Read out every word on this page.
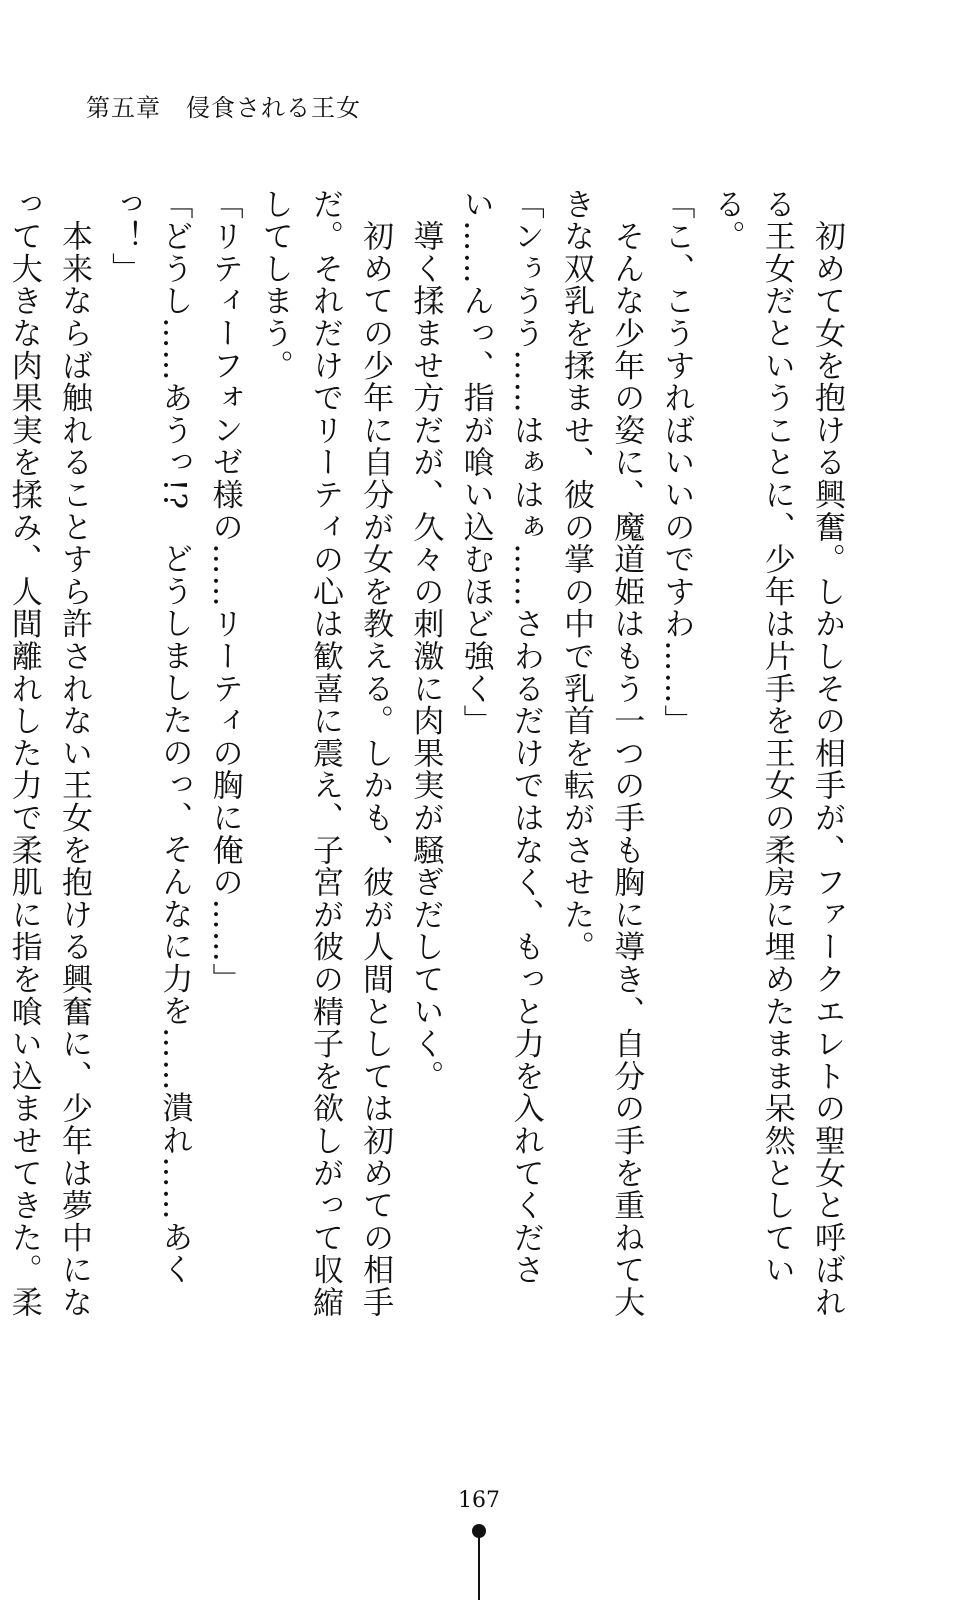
第五章　侵食される王女

　初めて女を抱ける興奮。しかしその相手が、ファークエレトの聖女と呼ばれる王女だということに、少年は片手を王女の柔房に埋めたまま呆然としている。

「こ、こうすればいいのですわ……」

　そんな少年の姿に、魔道姫はもう一つの手も胸に導き、自分の手を重ねて大きな双乳を揉ませ、彼の掌の中で乳首を転がさせた。

「ンぅうう……はぁはぁ……さわるだけではなく、もっと力を入れてください……んっ、指が喰い込むほど強く」

　導く揉ませ方だが、久々の刺激に肉果実が騒ぎだしていく。

　初めての少年に自分が女を教える。しかも、彼が人間としては初めての相手だ。それだけでリーティの心は歓喜に震え、子宮が彼の精子を欲しがって収縮してしまう。

「リティーフォンゼ様の……リーティの胸に俺の……」

「どうし……あうっ!?　どうしましたのっ、そんなに力を……潰れ……あくっ！」

　本来ならば触れることすら許されない王女を抱ける興奮に、少年は夢中になって大きな肉果実を揉み、人間離れした力で柔肌に指を喰い込ませてきた。柔

167
